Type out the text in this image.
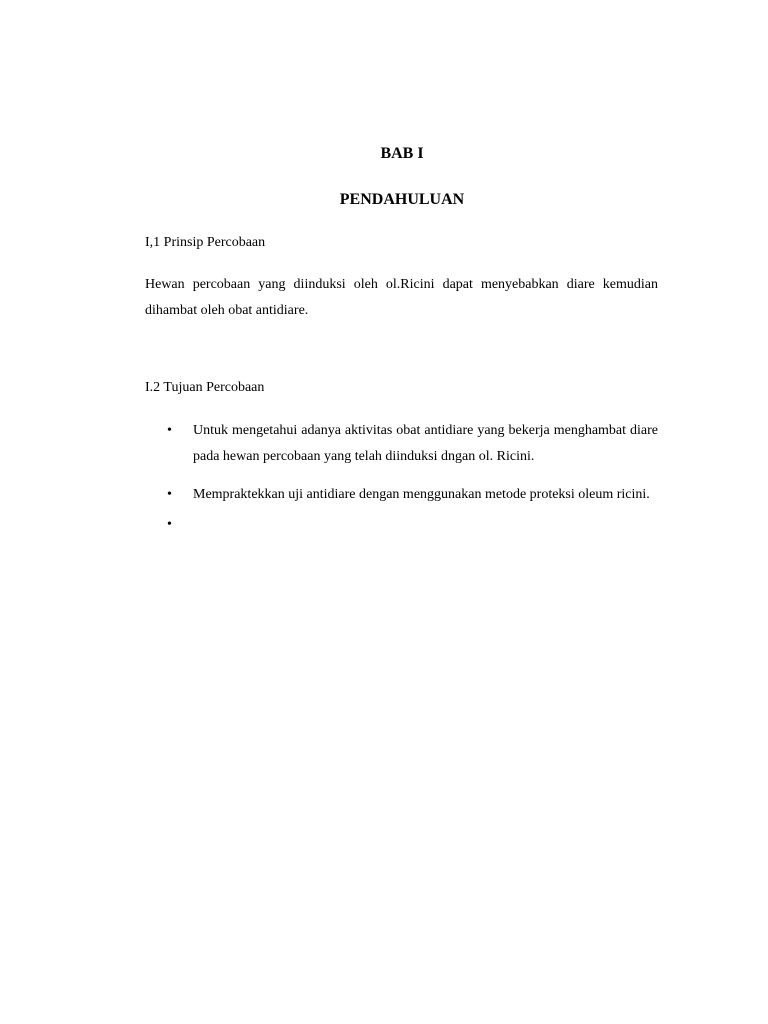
BAB I
PENDAHULUAN

I,1 Prinsip Percobaan

Hewan percobaan yang diinduksi oleh ol.Ricini dapat menyebabkan diare kemudian dihambat oleh obat antidiare.

I.2 Tujuan Percobaan

• Untuk mengetahui adanya aktivitas obat antidiare yang bekerja menghambat diare pada hewan percobaan yang telah diinduksi dngan ol. Ricini.
• Mempraktekkan uji antidiare dengan menggunakan metode proteksi oleum ricini.
•
